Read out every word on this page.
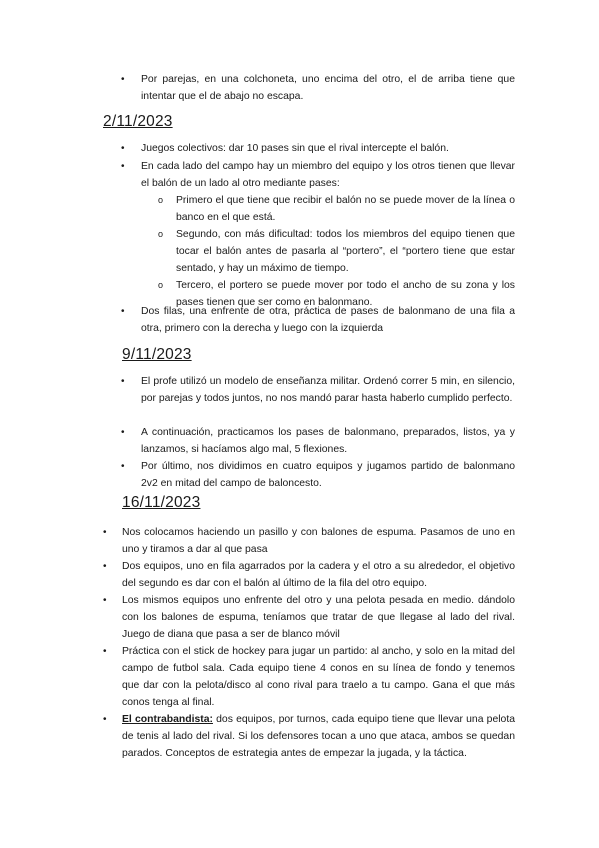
• Por parejas, en una colchoneta, uno encima del otro, el de arriba tiene que intentar que el de abajo no escapa.
2/11/2023
• Juegos colectivos: dar 10 pases sin que el rival intercepte el balón.
• En cada lado del campo hay un miembro del equipo y los otros tienen que llevar el balón de un lado al otro mediante pases:
o Primero el que tiene que recibir el balón no se puede mover de la línea o banco en el que está.
o Segundo, con más dificultad: todos los miembros del equipo tienen que tocar el balón antes de pasarla al “portero”, el “portero tiene que estar sentado, y hay un máximo de tiempo.
o Tercero, el portero se puede mover por todo el ancho de su zona y los pases tienen que ser como en balonmano.
• Dos filas, una enfrente de otra, práctica de pases de balonmano de una fila a otra, primero con la derecha y luego con la izquierda
9/11/2023
• El profe utilizó un modelo de enseñanza militar. Ordenó correr 5 min, en silencio, por parejas y todos juntos, no nos mandó parar hasta haberlo cumplido perfecto.
• A continuación, practicamos los pases de balonmano, preparados, listos, ya y lanzamos, si hacíamos algo mal, 5 flexiones.
• Por último, nos dividimos en cuatro equipos y jugamos partido de balonmano 2v2 en mitad del campo de baloncesto.
16/11/2023
• Nos colocamos haciendo un pasillo y con balones de espuma. Pasamos de uno en uno y tiramos a dar al que pasa
• Dos equipos, uno en fila agarrados por la cadera y el otro a su alrededor, el objetivo del segundo es dar con el balón al último de la fila del otro equipo.
• Los mismos equipos uno enfrente del otro y una pelota pesada en medio. dándolo con los balones de espuma, teníamos que tratar de que llegase al lado del rival. Juego de diana que pasa a ser de blanco móvil
• Práctica con el stick de hockey para jugar un partido: al ancho, y solo en la mitad del campo de futbol sala. Cada equipo tiene 4 conos en su línea de fondo y tenemos que dar con la pelota/disco al cono rival para traelo a tu campo. Gana el que más conos tenga al final.
• El contrabandista: dos equipos, por turnos, cada equipo tiene que llevar una pelota de tenis al lado del rival. Si los defensores tocan a uno que ataca, ambos se quedan parados. Conceptos de estrategia antes de empezar la jugada, y la táctica.
